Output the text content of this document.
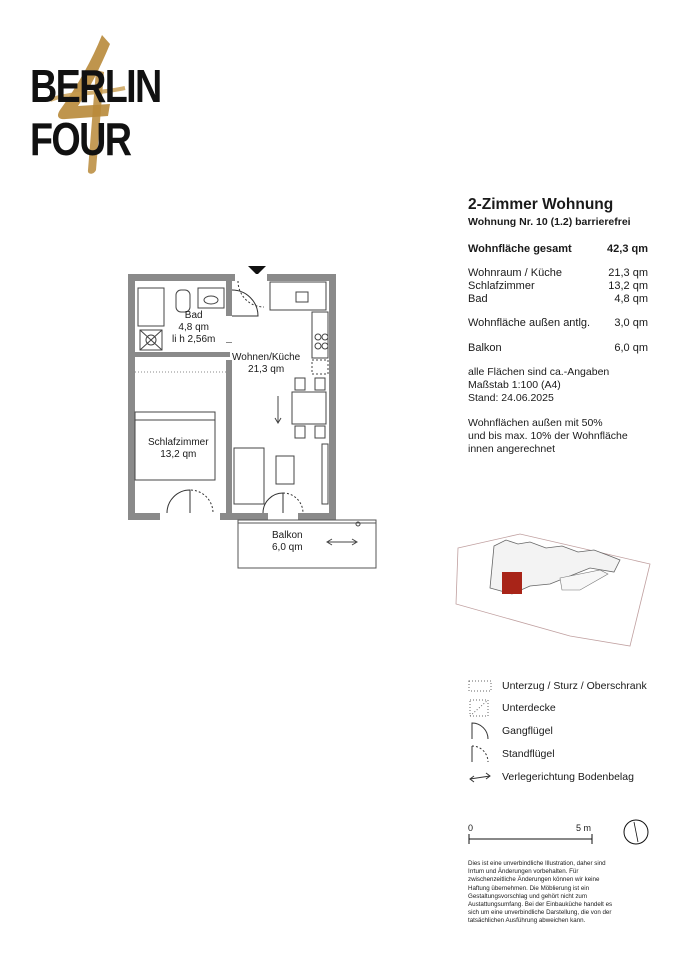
BERLIN
FOUR
2-Zimmer Wohnung
Wohnung Nr. 10 (1.2) barrierefrei
Wohnfläche gesamt	42,3 qm
Wohnraum / Küche	21,3 qm
Schlafzimmer	13,2 qm
Bad	4,8 qm
Wohnfläche außen antlg. 3,0 qm
Balkon	6,0 qm
alle Flächen sind ca.-Angaben
Maßstab 1:100 (A4)
Stand: 24.06.2025
Wohnflächen außen mit 50%
und bis max. 10% der Wohnfläche
innen angerechnet
Bad
4,8 qm
li h 2,56m
Wohnen/Küche
21,3 qm
Schlafzimmer
13,2 qm
Balkon
6,0 qm
Unterzug / Sturz / Oberschrank
Unterdecke
Gangflügel
Standflügel
Verlegerichtung Bodenbelag
0	5 m
Dies ist eine unverbindliche Illustration, daher sind
Irrtum und Änderungen vorbehalten. Für
zwischenzeitliche Änderungen können wir keine
Haftung übernehmen. Die Möblierung ist ein
Gestaltungsvorschlag und gehört nicht zum
Austattungsumfang. Bei der Einbauküche handelt es
sich um eine unverbindliche Darstellung, die von der
tatsächlichen Ausführung abweichen kann.
